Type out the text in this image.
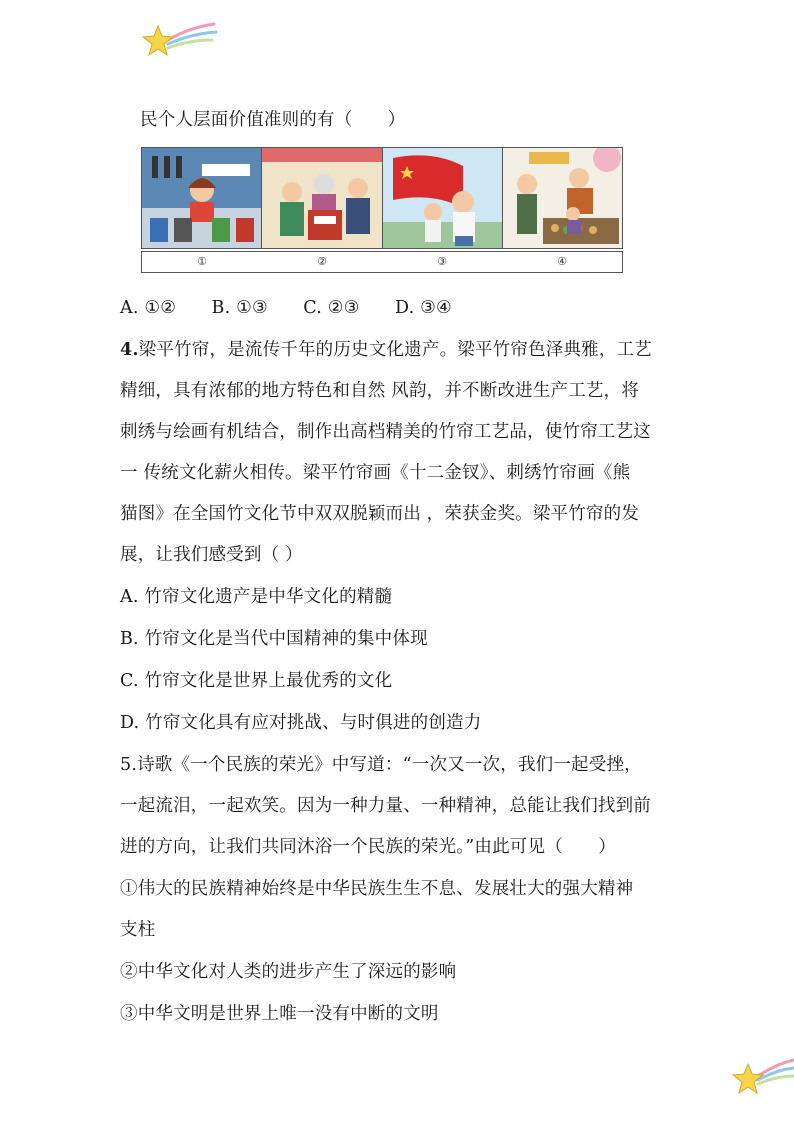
民个人层面价值准则的有（　　）
①	②	③	④
A. ①②　　B. ①③　　C. ②③　　D. ③④
4.梁平竹帘，是流传千年的历史文化遗产。梁平竹帘色泽典雅，工艺
精细，具有浓郁的地方特色和自然 风韵，并不断改进生产工艺，将
刺绣与绘画有机结合，制作出高档精美的竹帘工艺品，使竹帘工艺这
一 传统文化薪火相传。梁平竹帘画《十二金钗》、刺绣竹帘画《熊
猫图》在全国竹文化节中双双脱颖而出 ，荣获金奖。梁平竹帘的发
展，让我们感受到（ ）
A. 竹帘文化遗产是中华文化的精髓
B. 竹帘文化是当代中国精神的集中体现
C. 竹帘文化是世界上最优秀的文化
D. 竹帘文化具有应对挑战、与时俱进的创造力
5.诗歌《一个民族的荣光》中写道：“一次又一次，我们一起受挫，
一起流泪，一起欢笑。因为一种力量、一种精神，总能让我们找到前
进的方向，让我们共同沐浴一个民族的荣光。”由此可见（　　）
①伟大的民族精神始终是中华民族生生不息、发展壮大的强大精神
支柱
②中华文化对人类的进步产生了深远的影响
③中华文明是世界上唯一没有中断的文明
